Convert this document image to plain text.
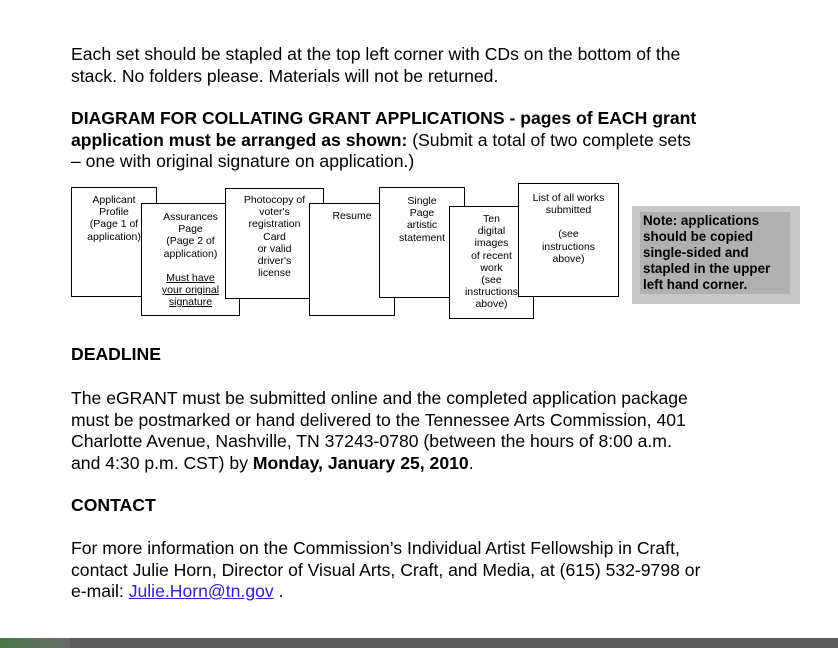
Each set should be stapled at the top left corner with CDs on the bottom of the
stack. No folders please. Materials will not be returned.
DIAGRAM FOR COLLATING GRANT APPLICATIONS - pages of EACH grant
application must be arranged as shown: (Submit a total of two complete sets
– one with original signature on application.)
Applicant
Profile
(Page 1 of
application)
Assurances
Page
(Page 2 of
application)
Must have
your original
signature
Photocopy of
voter's
registration
Card
or valid
driver's
license
Resume
Single
Page
artistic
statement
Ten
digital
images
of recent
work
(see
instructions
above)
List of all works
submitted
(see
instructions
above)
Note: applications
should be copied
single-sided and
stapled in the upper
left hand corner.
DEADLINE
The eGRANT must be submitted online and the completed application package
must be postmarked or hand delivered to the Tennessee Arts Commission, 401
Charlotte Avenue, Nashville, TN 37243-0780 (between the hours of 8:00 a.m.
and 4:30 p.m. CST) by Monday, January 25, 2010.
CONTACT
For more information on the Commission’s Individual Artist Fellowship in Craft,
contact Julie Horn, Director of Visual Arts, Craft, and Media, at (615) 532-9798 or
e-mail: Julie.Horn@tn.gov .
